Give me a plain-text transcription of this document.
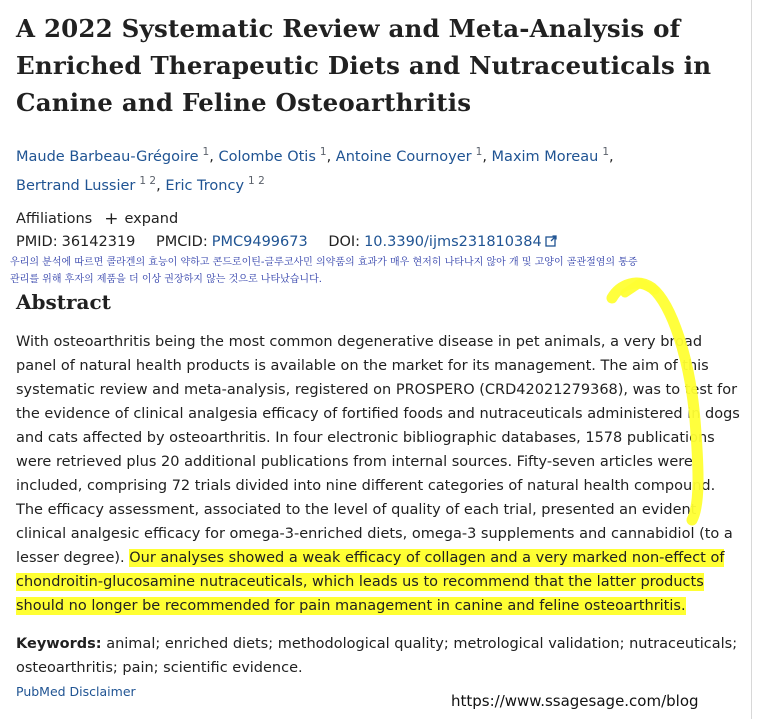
A 2022 Systematic Review and Meta-Analysis of Enriched Therapeutic Diets and Nutraceuticals in Canine and Feline Osteoarthritis
Maude Barbeau-Grégoire $^1$, Colombe Otis $^1$, Antoine Cournoyer $^1$, Maxim Moreau $^1$,
Bertrand Lussier $^{1 2}$, Eric Troncy $^{1 2}$
Affiliations + expand
PMID: 36142319 PMCID: PMC9499673 DOI: 10.3390/ijms231810384
우리의 분석에 따르면 콜라겐의 효능이 약하고 콘드로이틴-글루코사민 의약품의 효과가 매우 현저히 나타나지 않아 개 및 고양이 골관절염의 통증
관리를 위해 후자의 제품을 더 이상 권장하지 않는 것으로 나타났습니다.
Abstract
With osteoarthritis being the most common degenerative disease in pet animals, a very broad panel of natural health products is available on the market for its management. The aim of this systematic review and meta-analysis, registered on PROSPERO (CRD42021279368), was to test for the evidence of clinical analgesia efficacy of fortified foods and nutraceuticals administered in dogs and cats affected by osteoarthritis. In four electronic bibliographic databases, 1578 publications were retrieved plus 20 additional publications from internal sources. Fifty-seven articles were included, comprising 72 trials divided into nine different categories of natural health compound. The efficacy assessment, associated to the level of quality of each trial, presented an evident clinical analgesic efficacy for omega-3-enriched diets, omega-3 supplements and cannabidiol (to a lesser degree). Our analyses showed a weak efficacy of collagen and a very marked non-effect of chondroitin-glucosamine nutraceuticals, which leads us to recommend that the latter products should no longer be recommended for pain management in canine and feline osteoarthritis.
Keywords: animal; enriched diets; methodological quality; metrological validation; nutraceuticals; osteoarthritis; pain; scientific evidence.
PubMed Disclaimer
https://www.ssagesage.com/blog
